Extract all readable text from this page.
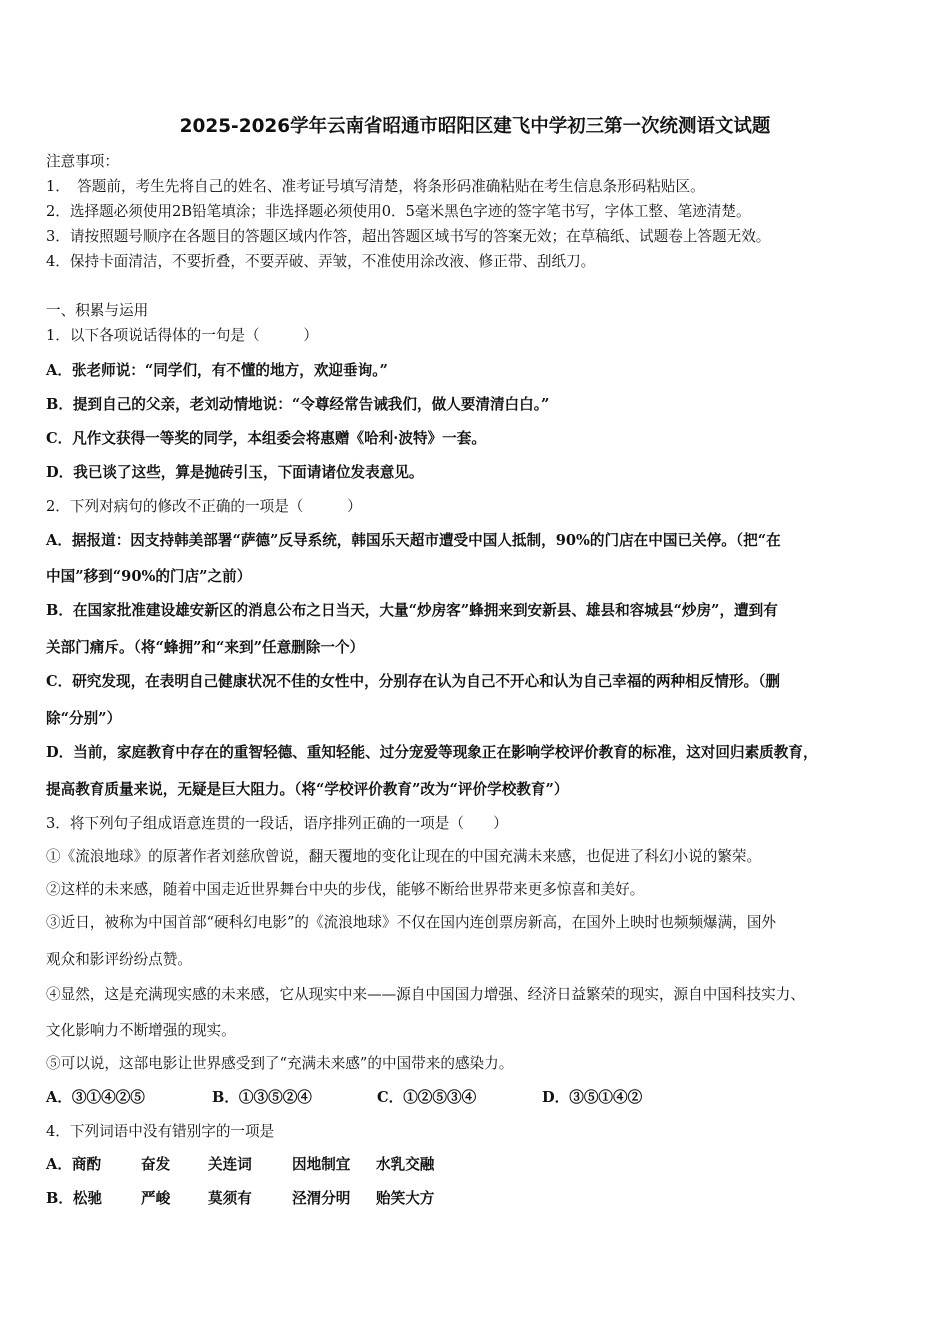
2025-2026学年云南省昭通市昭阳区建飞中学初三第一次统测语文试题
注意事项：
1．　答题前，考生先将自己的姓名、准考证号填写清楚，将条形码准确粘贴在考生信息条形码粘贴区。
2．选择题必须使用2B铅笔填涂；非选择题必须使用0．5毫米黑色字迹的签字笔书写，字体工整、笔迹清楚。
3．请按照题号顺序在各题目的答题区域内作答，超出答题区域书写的答案无效；在草稿纸、试题卷上答题无效。
4．保持卡面清洁，不要折叠，不要弄破、弄皱，不准使用涂改液、修正带、刮纸刀。
一、积累与运用
1．以下各项说话得体的一句是（　　　）
A．张老师说：“同学们，有不懂的地方，欢迎垂询。”
B．提到自己的父亲，老刘动情地说：“令尊经常告诫我们，做人要清清白白。”
C．凡作文获得一等奖的同学，本组委会将惠赠《哈利·波特》一套。
D．我已谈了这些，算是抛砖引玉，下面请诸位发表意见。
2．下列对病句的修改不正确的一项是（　　　）
A．据报道：因支持韩美部署“萨德”反导系统，韩国乐天超市遭受中国人抵制，90%的门店在中国已关停。（把“在
中国”移到“90%的门店”之前）
B．在国家批准建设雄安新区的消息公布之日当天，大量“炒房客”蜂拥来到安新县、雄县和容城县“炒房”，遭到有
关部门痛斥。（将“蜂拥”和“来到”任意删除一个）
C．研究发现，在表明自己健康状况不佳的女性中，分别存在认为自己不开心和认为自己幸福的两种相反情形。（删
除“分别”）
D．当前，家庭教育中存在的重智轻德、重知轻能、过分宠爱等现象正在影响学校评价教育的标准，这对回归素质教育，
提高教育质量来说，无疑是巨大阻力。（将“学校评价教育”改为“评价学校教育”）
3．将下列句子组成语意连贯的一段话，语序排列正确的一项是（　　）
①《流浪地球》的原著作者刘慈欣曾说，翻天覆地的变化让现在的中国充满未来感，也促进了科幻小说的繁荣。
②这样的未来感，随着中国走近世界舞台中央的步伐，能够不断给世界带来更多惊喜和美好。
③近日，被称为中国首部“硬科幻电影”的《流浪地球》不仅在国内连创票房新高，在国外上映时也频频爆满，国外
观众和影评纷纷点赞。
④显然，这是充满现实感的未来感，它从现实中来——源自中国国力增强、经济日益繁荣的现实，源自中国科技实力、
文化影响力不断增强的现实。
⑤可以说，这部电影让世界感受到了“充满未来感”的中国带来的感染力。
A．③①④②⑤	B．①③⑤②④	C．①②⑤③④	D．③⑤①④②
4．下列词语中没有错别字的一项是
A．商酌	奋发	关连词	因地制宜 水乳交融
B．松驰	严峻	莫须有	泾渭分明 贻笑大方
